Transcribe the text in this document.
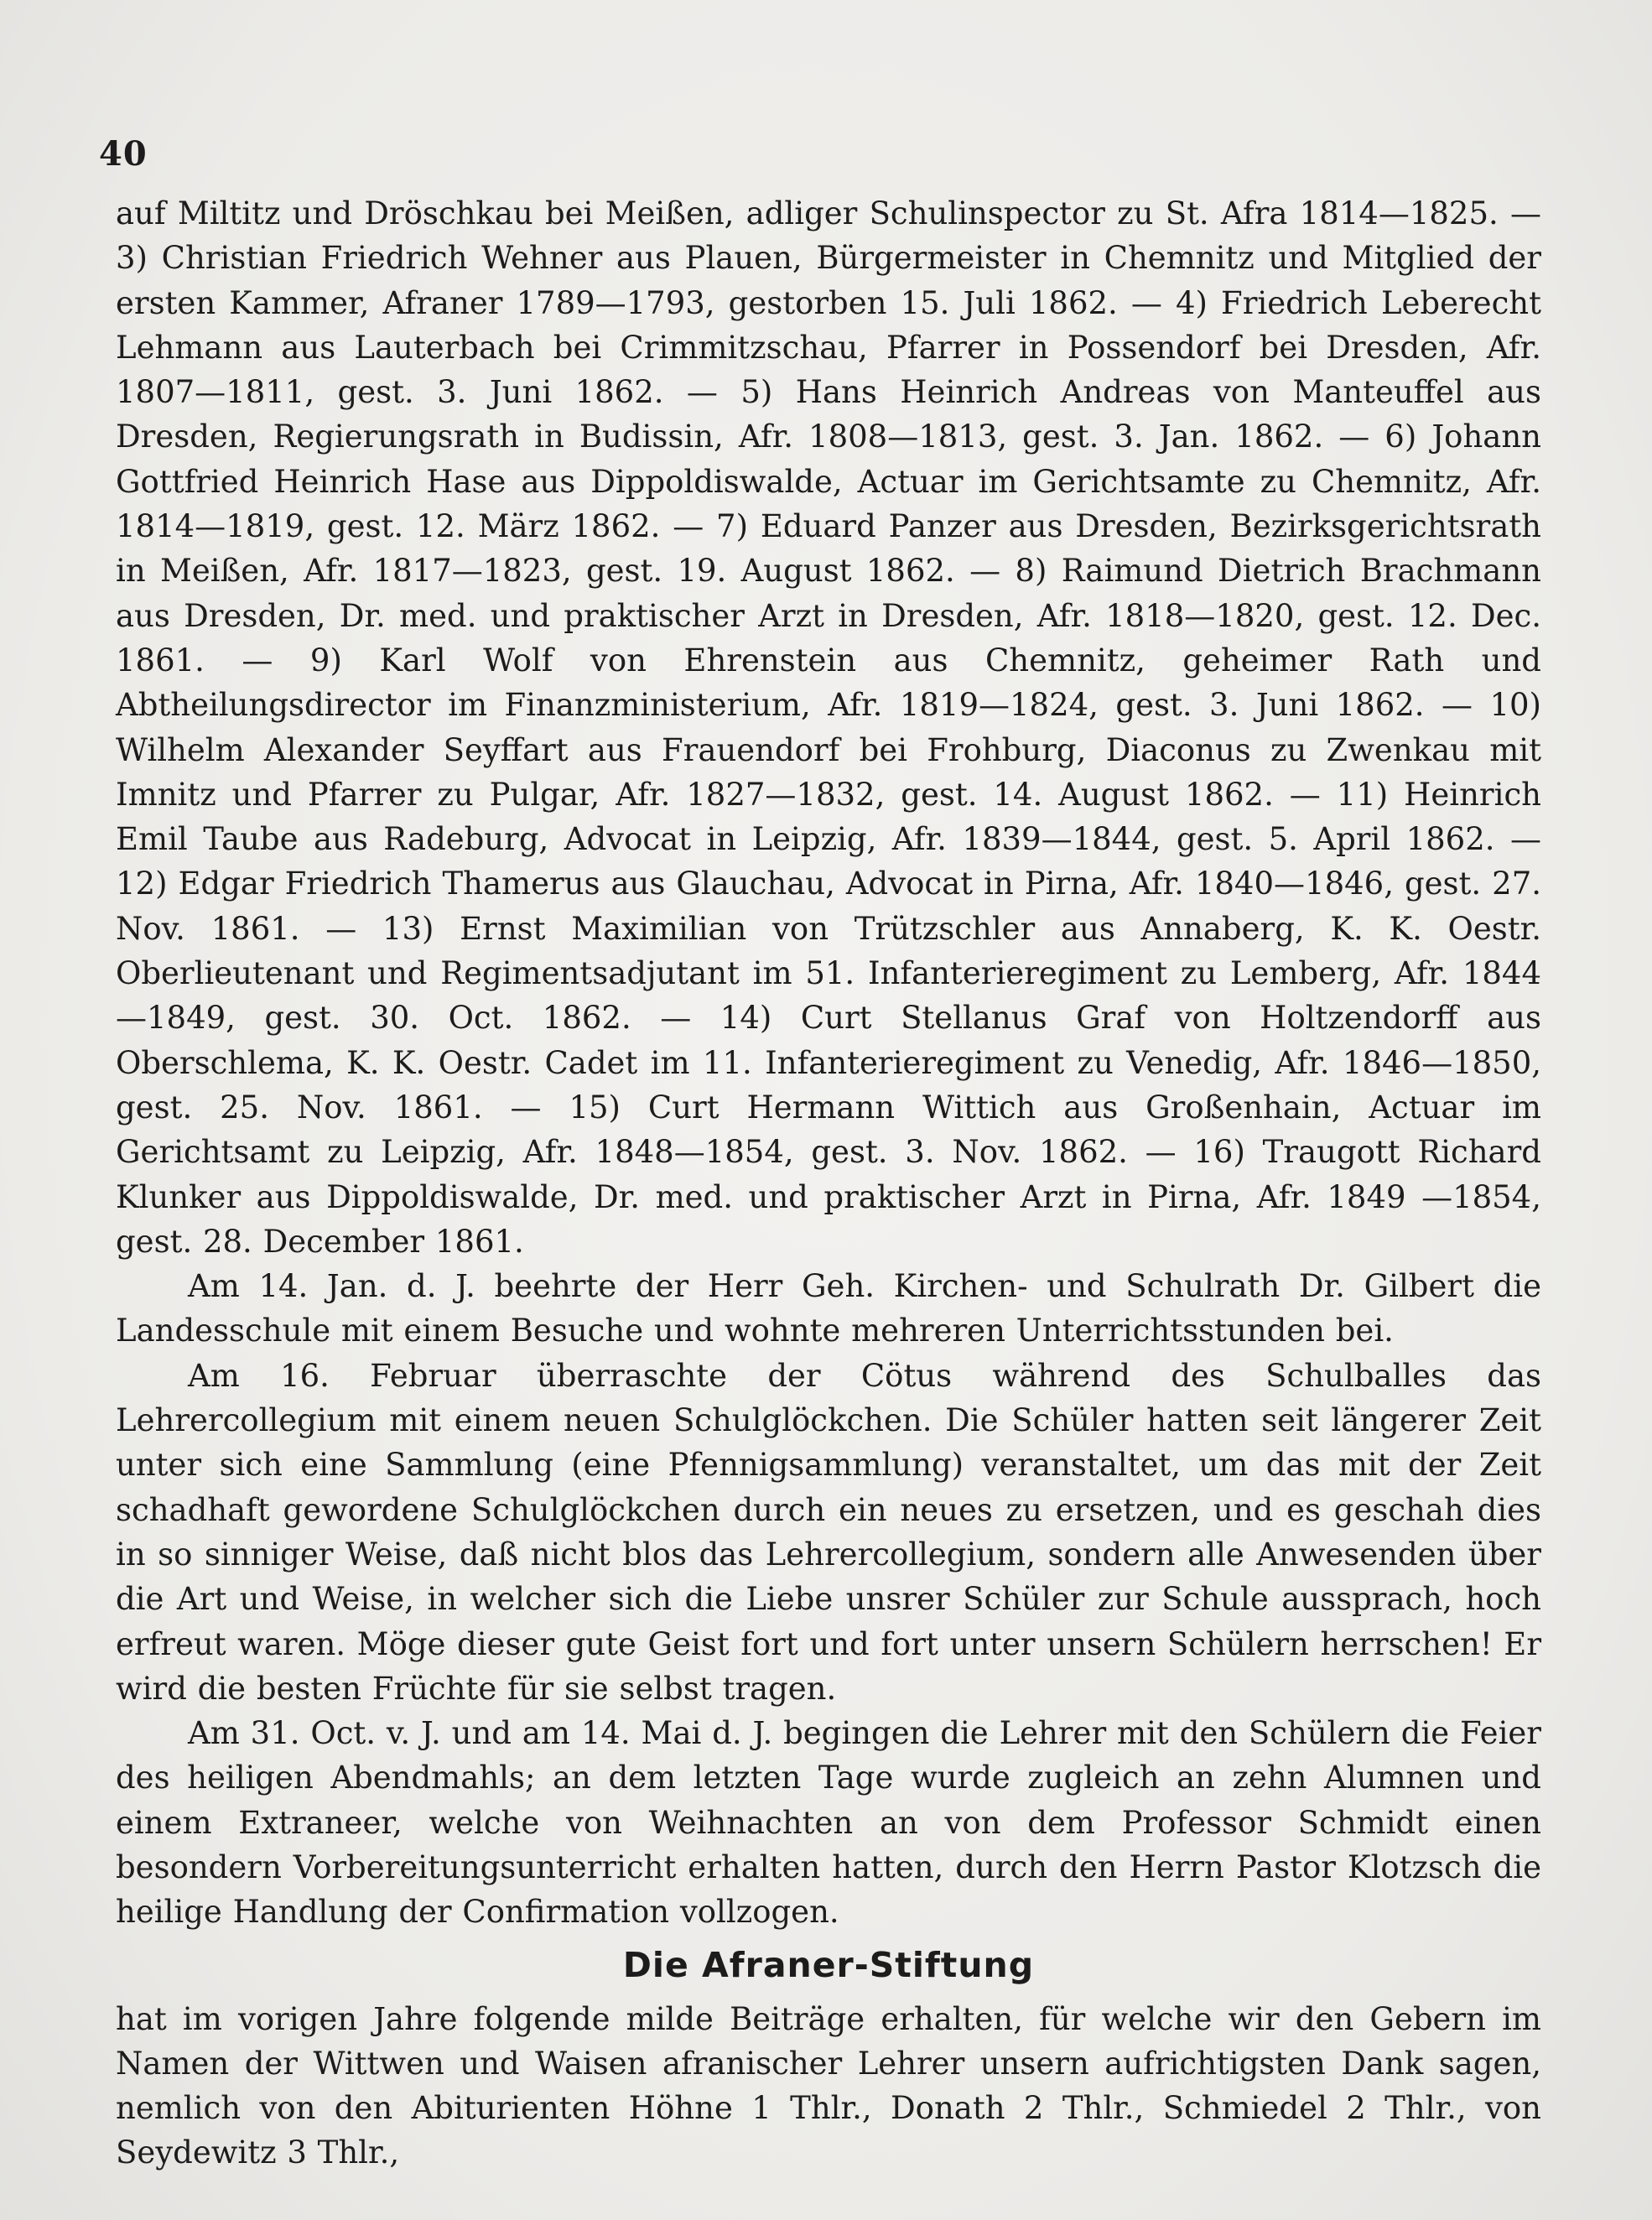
40

auf Miltitz und Dröschkau bei Meißen, adliger Schulinspector zu St. Afra 1814—1825. — 3) Christian Friedrich Wehner aus Plauen, Bürgermeister in Chemnitz und Mitglied der ersten Kammer, Afraner 1789—1793, gestorben 15. Juli 1862. — 4) Friedrich Leberecht Lehmann aus Lauterbach bei Crimmitzschau, Pfarrer in Possendorf bei Dresden, Afr. 1807—1811, gest. 3. Juni 1862. — 5) Hans Heinrich Andreas von Manteuffel aus Dresden, Regierungsrath in Budissin, Afr. 1808—1813, gest. 3. Jan. 1862. — 6) Johann Gottfried Heinrich Hase aus Dippoldiswalde, Actuar im Gerichtsamte zu Chemnitz, Afr. 1814—1819, gest. 12. März 1862. — 7) Eduard Panzer aus Dresden, Bezirksgerichtsrath in Meißen, Afr. 1817—1823, gest. 19. August 1862. — 8) Raimund Dietrich Brachmann aus Dresden, Dr. med. und praktischer Arzt in Dresden, Afr. 1818—1820, gest. 12. Dec. 1861. — 9) Karl Wolf von Ehrenstein aus Chemnitz, geheimer Rath und Abtheilungsdirector im Finanzministerium, Afr. 1819—1824, gest. 3. Juni 1862. — 10) Wilhelm Alexander Seyffart aus Frauendorf bei Frohburg, Diaconus zu Zwenkau mit Imnitz und Pfarrer zu Pulgar, Afr. 1827—1832, gest. 14. August 1862. — 11) Heinrich Emil Taube aus Radeburg, Advocat in Leipzig, Afr. 1839—1844, gest. 5. April 1862. — 12) Edgar Friedrich Thamerus aus Glauchau, Advocat in Pirna, Afr. 1840—1846, gest. 27. Nov. 1861. — 13) Ernst Maximilian von Trützschler aus Annaberg, K. K. Oestr. Oberlieutenant und Regimentsadjutant im 51. Infanterieregiment zu Lemberg, Afr. 1844—1849, gest. 30. Oct. 1862. — 14) Curt Stellanus Graf von Holtzendorff aus Oberschlema, K. K. Oestr. Cadet im 11. Infanterieregiment zu Venedig, Afr. 1846—1850, gest. 25. Nov. 1861. — 15) Curt Hermann Wittich aus Großenhain, Actuar im Gerichtsamt zu Leipzig, Afr. 1848—1854, gest. 3. Nov. 1862. — 16) Traugott Richard Klunker aus Dippoldiswalde, Dr. med. und praktischer Arzt in Pirna, Afr. 1849 —1854, gest. 28. December 1861.

Am 14. Jan. d. J. beehrte der Herr Geh. Kirchen- und Schulrath Dr. Gilbert die Landesschule mit einem Besuche und wohnte mehreren Unterrichtsstunden bei.

Am 16. Februar überraschte der Cötus während des Schulballes das Lehrercollegium mit einem neuen Schulglöckchen. Die Schüler hatten seit längerer Zeit unter sich eine Sammlung (eine Pfennigsammlung) veranstaltet, um das mit der Zeit schadhaft gewordene Schulglöckchen durch ein neues zu ersetzen, und es geschah dies in so sinniger Weise, daß nicht blos das Lehrercollegium, sondern alle Anwesenden über die Art und Weise, in welcher sich die Liebe unsrer Schüler zur Schule aussprach, hoch erfreut waren. Möge dieser gute Geist fort und fort unter unsern Schülern herrschen! Er wird die besten Früchte für sie selbst tragen.

Am 31. Oct. v. J. und am 14. Mai d. J. begingen die Lehrer mit den Schülern die Feier des heiligen Abendmahls; an dem letzten Tage wurde zugleich an zehn Alumnen und einem Extraneer, welche von Weihnachten an von dem Professor Schmidt einen besondern Vorbereitungsunterricht erhalten hatten, durch den Herrn Pastor Klotzsch die heilige Handlung der Confirmation vollzogen.

Die Afraner-Stiftung

hat im vorigen Jahre folgende milde Beiträge erhalten, für welche wir den Gebern im Namen der Wittwen und Waisen afranischer Lehrer unsern aufrichtigsten Dank sagen, nemlich von den Abiturienten Höhne 1 Thlr., Donath 2 Thlr., Schmiedel 2 Thlr., von Seydewitz 3 Thlr.,
